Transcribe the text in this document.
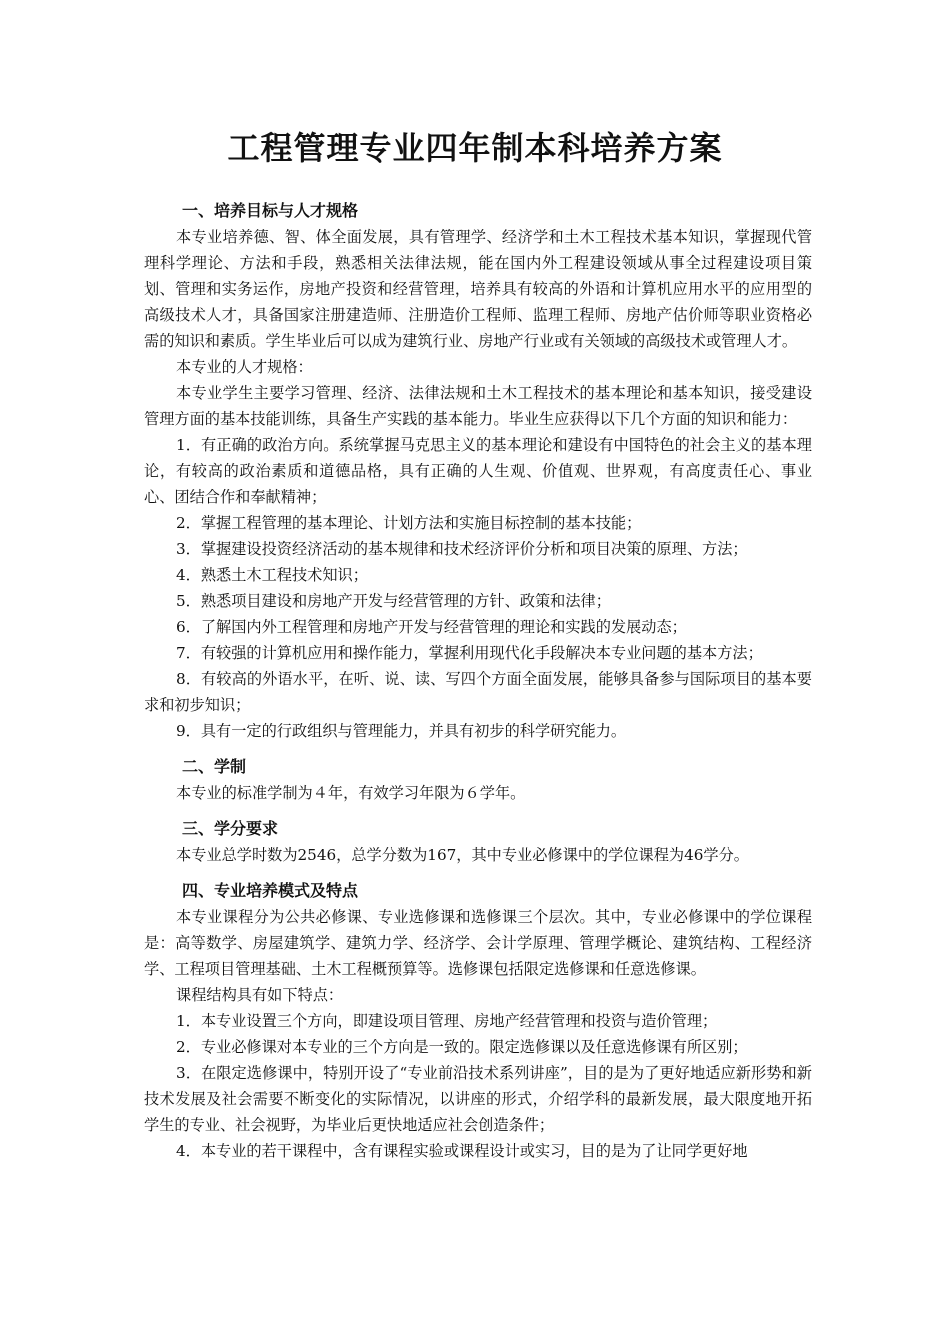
工程管理专业四年制本科培养方案
一、培养目标与人才规格

本专业培养德、智、体全面发展，具有管理学、经济学和土木工程技术基本知识，掌握现代管理科学理论、方法和手段，熟悉相关法律法规，能在国内外工程建设领域从事全过程建设项目策划、管理和实务运作，房地产投资和经营管理，培养具有较高的外语和计算机应用水平的应用型的高级技术人才，具备国家注册建造师、注册造价工程师、监理工程师、房地产估价师等职业资格必需的知识和素质。学生毕业后可以成为建筑行业、房地产行业或有关领域的高级技术或管理人才。

本专业的人才规格：

本专业学生主要学习管理、经济、法律法规和土木工程技术的基本理论和基本知识，接受建设管理方面的基本技能训练，具备生产实践的基本能力。毕业生应获得以下几个方面的知识和能力：

1．有正确的政治方向。系统掌握马克思主义的基本理论和建设有中国特色的社会主义的基本理论，有较高的政治素质和道德品格，具有正确的人生观、价值观、世界观，有高度责任心、事业心、团结合作和奉献精神；

2．掌握工程管理的基本理论、计划方法和实施目标控制的基本技能；

3．掌握建设投资经济活动的基本规律和技术经济评价分析和项目决策的原理、方法；

4．熟悉土木工程技术知识；

5．熟悉项目建设和房地产开发与经营管理的方针、政策和法律；

6．了解国内外工程管理和房地产开发与经营管理的理论和实践的发展动态；

7．有较强的计算机应用和操作能力，掌握利用现代化手段解决本专业问题的基本方法；

8．有较高的外语水平，在听、说、读、写四个方面全面发展，能够具备参与国际项目的基本要求和初步知识；

9．具有一定的行政组织与管理能力，并具有初步的科学研究能力。

二、学制

本专业的标准学制为４年，有效学习年限为６学年。

三、学分要求

本专业总学时数为2546，总学分数为167，其中专业必修课中的学位课程为46学分。

四、专业培养模式及特点

本专业课程分为公共必修课、专业选修课和选修课三个层次。其中，专业必修课中的学位课程是：高等数学、房屋建筑学、建筑力学、经济学、会计学原理、管理学概论、建筑结构、工程经济学、工程项目管理基础、土木工程概预算等。选修课包括限定选修课和任意选修课。

课程结构具有如下特点：

1．本专业设置三个方向，即建设项目管理、房地产经营管理和投资与造价管理；

2．专业必修课对本专业的三个方向是一致的。限定选修课以及任意选修课有所区别；

3．在限定选修课中，特别开设了“专业前沿技术系列讲座”，目的是为了更好地适应新形势和新技术发展及社会需要不断变化的实际情况，以讲座的形式，介绍学科的最新发展，最大限度地开拓学生的专业、社会视野，为毕业后更快地适应社会创造条件；

4．本专业的若干课程中，含有课程实验或课程设计或实习，目的是为了让同学更好地
